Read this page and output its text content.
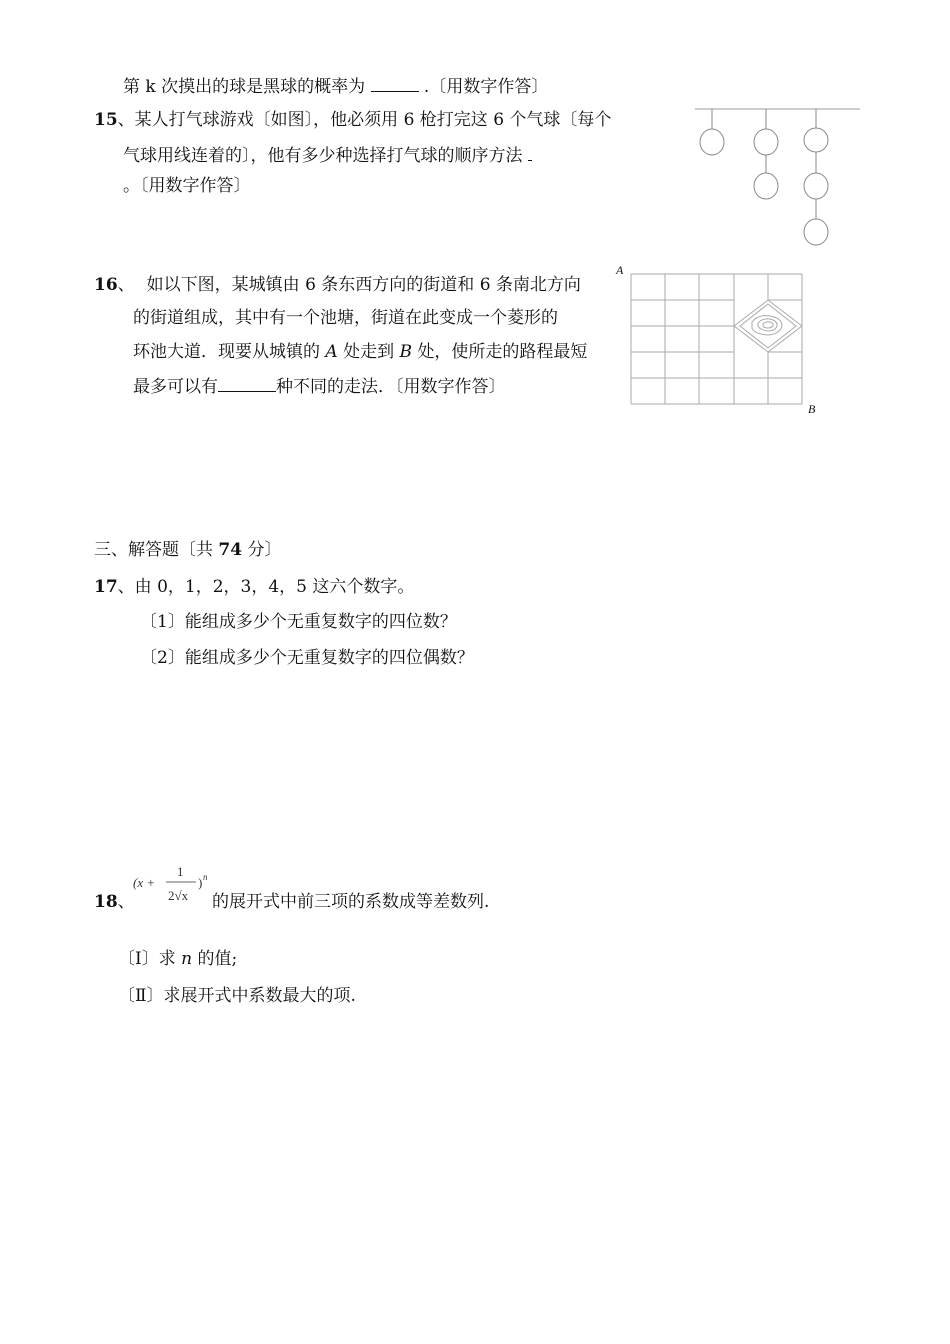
第 k 次摸出的球是黑球的概率为	.〔用数字作答〕
15、某人打气球游戏〔如图〕，他必须用 6 枪打完这 6 个气球〔每个
气球用线连着的〕，他有多少种选择打气球的顺序方法
。〔用数字作答〕
16、 如以下图，某城镇由 6 条东西方向的街道和 6 条南北方向
的街道组成，其中有一个池塘，街道在此变成一个菱形的
环池大道．现要从城镇的 A 处走到 B 处，使所走的路程最短
最多可以有	种不同的走法．〔用数字作答〕
A
B
三、解答题〔共 74 分〕
17、由 0，1，2，3，4，5 这六个数字。
〔1〕能组成多少个无重复数字的四位数？
〔2〕能组成多少个无重复数字的四位偶数？
18、
(x +
1
2√x
) n
的展开式中前三项的系数成等差数列.
〔Ⅰ〕求 n 的值;
〔Ⅱ〕求展开式中系数最大的项.
